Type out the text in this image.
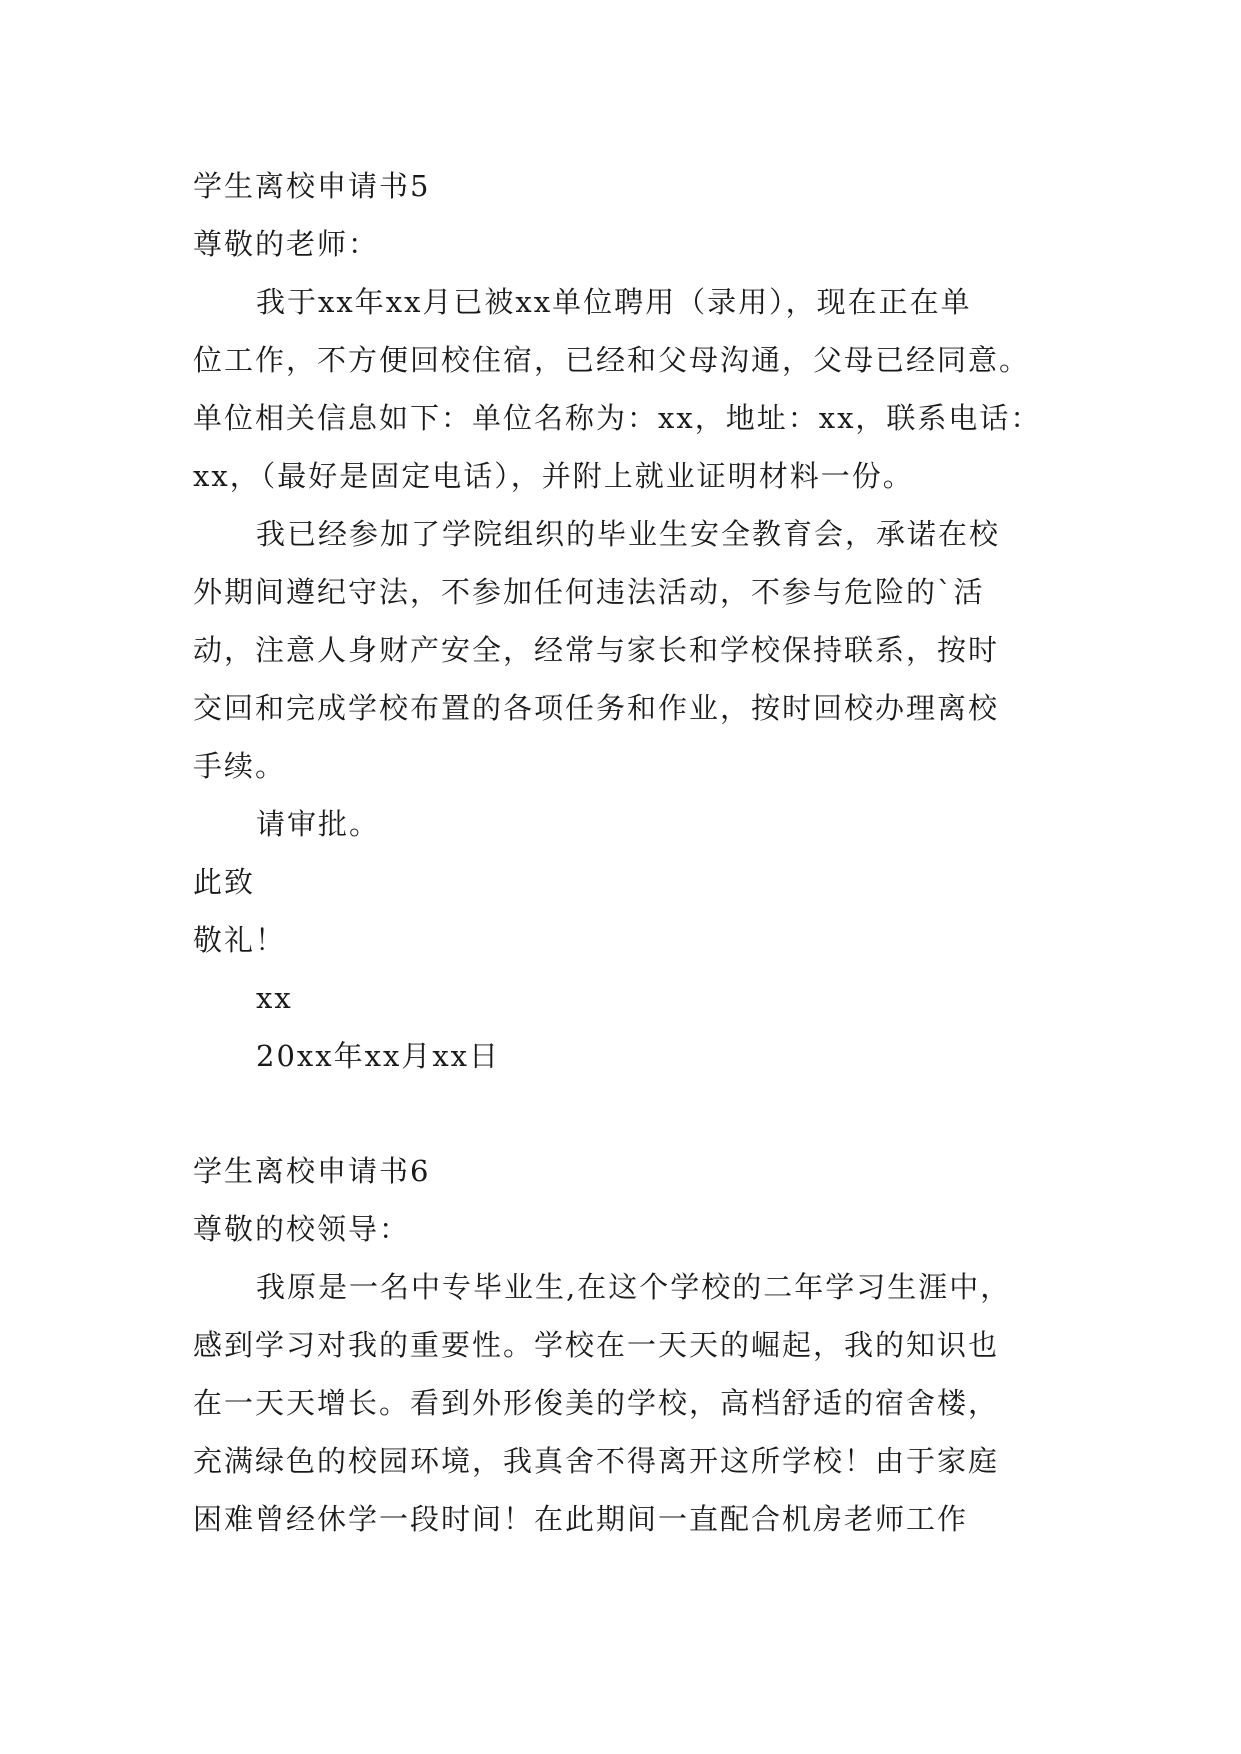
学生离校申请书5
尊敬的老师：
我于xx年xx月已被xx单位聘用（录用），现在正在单
位工作，不方便回校住宿，已经和父母沟通，父母已经同意。
单位相关信息如下：单位名称为：xx，地址：xx，联系电话：
xx，（最好是固定电话），并附上就业证明材料一份。
我已经参加了学院组织的毕业生安全教育会，承诺在校
外期间遵纪守法，不参加任何违法活动，不参与危险的`活
动，注意人身财产安全，经常与家长和学校保持联系，按时
交回和完成学校布置的各项任务和作业，按时回校办理离校
手续。
请审批。
此致
敬礼！
xx
20xx年xx月xx日
学生离校申请书6
尊敬的校领导：
我原是一名中专毕业生,在这个学校的二年学习生涯中，
感到学习对我的重要性。学校在一天天的崛起，我的知识也
在一天天增长。看到外形俊美的学校，高档舒适的宿舍楼，
充满绿色的校园环境，我真舍不得离开这所学校！由于家庭
困难曾经休学一段时间！在此期间一直配合机房老师工作
